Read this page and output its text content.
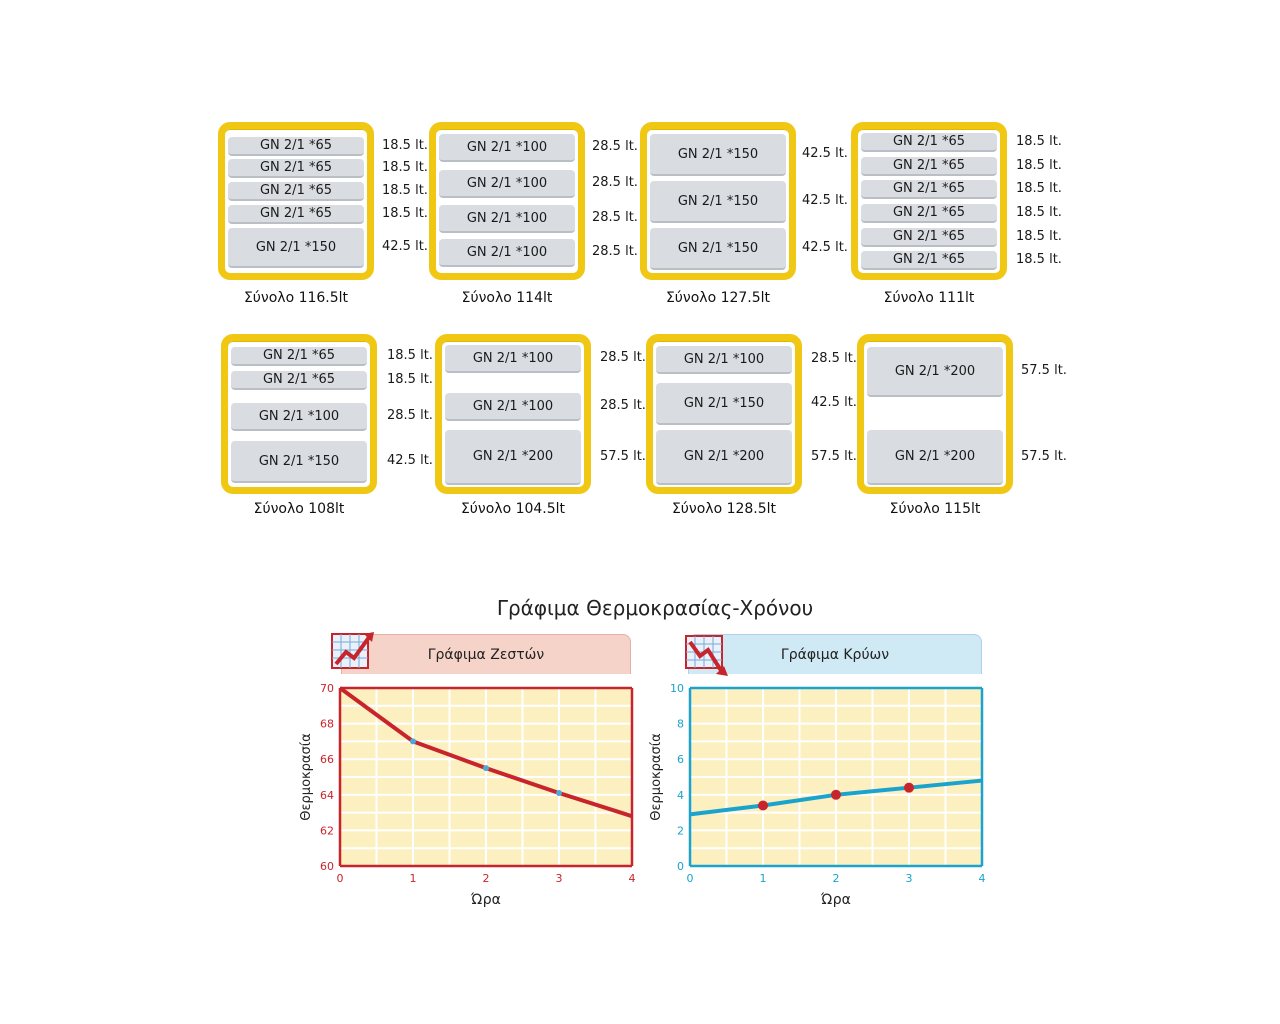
GN 2/1 *65	18.5 lt.
GN 2/1 *65	18.5 lt.
GN 2/1 *65	18.5 lt.
GN 2/1 *65	18.5 lt.
GN 2/1 *150	42.5 lt.
Σύνολο 116.5lt
GN 2/1 *100	28.5 lt.
GN 2/1 *100	28.5 lt.
GN 2/1 *100	28.5 lt.
GN 2/1 *100	28.5 lt.
Σύνολο 114lt
GN 2/1 *150	42.5 lt.
GN 2/1 *150	42.5 lt.
GN 2/1 *150	42.5 lt.
Σύνολο 127.5lt
GN 2/1 *65	18.5 lt.
GN 2/1 *65	18.5 lt.
GN 2/1 *65	18.5 lt.
GN 2/1 *65	18.5 lt.
GN 2/1 *65	18.5 lt.
GN 2/1 *65	18.5 lt.
Σύνολο 111lt
GN 2/1 *65	18.5 lt.
GN 2/1 *65	18.5 lt.
GN 2/1 *100	28.5 lt.
GN 2/1 *150	42.5 lt.
Σύνολο 108lt
GN 2/1 *100	28.5 lt.
GN 2/1 *100	28.5 lt.
GN 2/1 *200	57.5 lt.
Σύνολο 104.5lt
GN 2/1 *100	28.5 lt.
GN 2/1 *150	42.5 lt.
GN 2/1 *200	57.5 lt.
Σύνολο 128.5lt
GN 2/1 *200	57.5 lt.
GN 2/1 *200	57.5 lt.
Σύνολο 115lt
Γράφιμα Θερμοκρασίας-Χρόνου
Γράφιμα Ζεστών	Γράφιμα Κρύων
60
62
64
66
68
70
0	1	2	3	4
Θερμοκρασία
Ώρα
0
2
4
6
8
10
0	1	2	3	4
Θερμοκρασία
Ώρα
